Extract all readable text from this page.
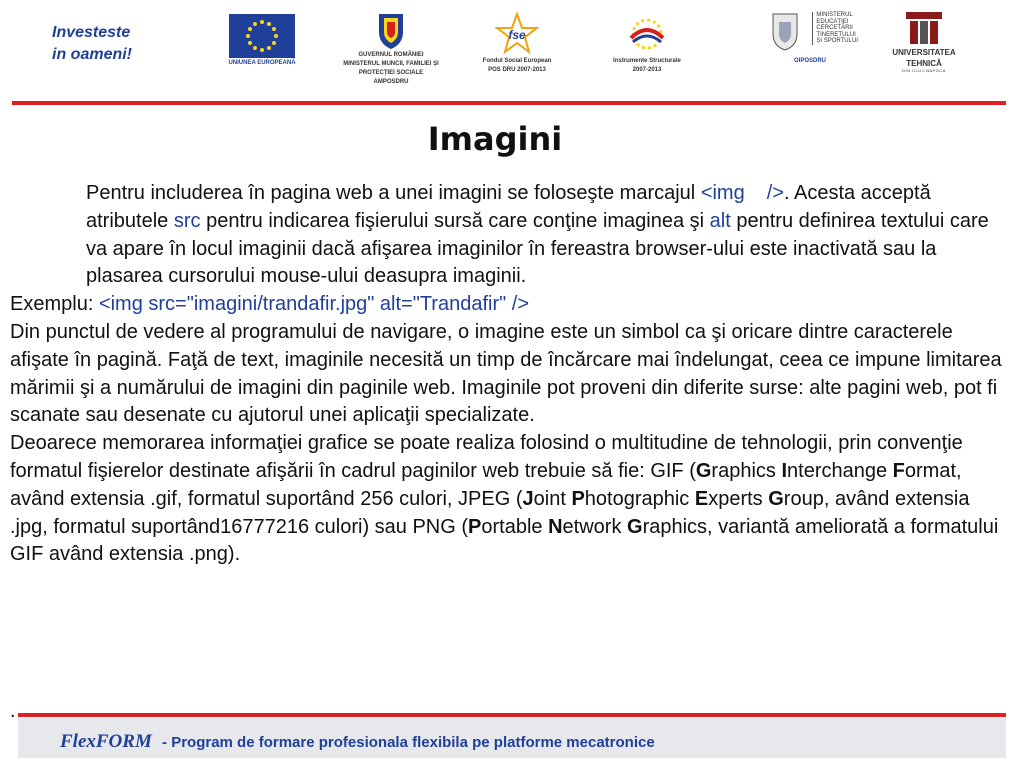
Investeste
in oameni!	UNIUNEA EUROPEANĂ
GUVERNUL ROMÂNIEI
MINISTERUL MUNCII, FAMILIEI ȘI
PROTECȚIEI SOCIALE
AMPOSDRU
fse
Fondul Social European
POS DRU 2007-2013
Instrumente Structurale
2007-2013
MINISTERUL
EDUCAȚIEI
CERCETĂRII
TINERETULUI
ȘI SPORTULUI
OIPOSDRU
UNIVERSITATEA
TEHNICĂ
DIN CLUJ-NAPOCA
Imagini

Pentru includerea în pagina web a unei imagini se foloseşte marcajul <img />. Acesta acceptă atributele src pentru indicarea fişierului sursă care conţine imaginea şi alt pentru definirea textului care va apare în locul imaginii dacă afişarea imaginilor în fereastra browser-ului este inactivată sau la plasarea cursorului mouse-ului deasupra imaginii.

Exemplu: <img src="imagini/trandafir.jpg" alt="Trandafir" />

Din punctul de vedere al programului de navigare, o imagine este un simbol ca şi oricare dintre caracterele afişate în pagină. Faţă de text, imaginile necesită un timp de încărcare mai îndelungat, ceea ce impune limitarea mărimii şi a numărului de imagini din paginile web. Imaginile pot proveni din diferite surse: alte pagini web, pot fi scanate sau desenate cu ajutorul unei aplicaţii specializate.

Deoarece memorarea informaţiei grafice se poate realiza folosind o multitudine de tehnologii, prin convenţie formatul fişierelor destinate afişării în cadrul paginilor web trebuie să fie: GIF (Graphics Interchange Format, având extensia .gif, formatul suportând 256 culori, JPEG (Joint Photographic Experts Group, având extensia .jpg, formatul suportând16777216 culori) sau PNG (Portable Network Graphics, variantă ameliorată a formatului GIF având extensia .png).

.
FlexFORM - Program de formare profesionala flexibila pe platforme mecatronice
